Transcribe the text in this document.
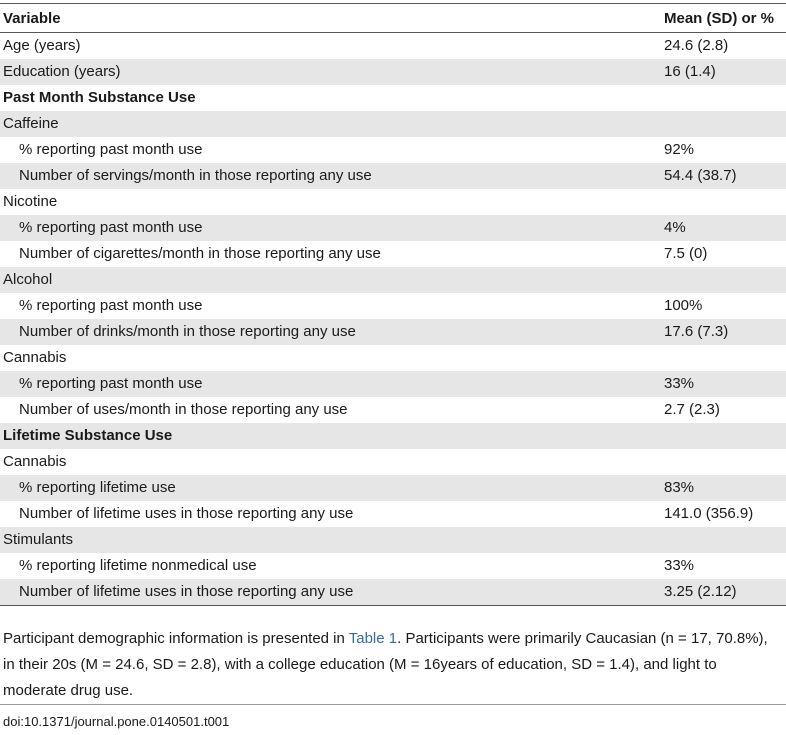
Variable	Mean (SD) or %
Age (years)	24.6 (2.8)
Education (years)	16 (1.4)
Past Month Substance Use	
Caffeine	
% reporting past month use	92%
Number of servings/month in those reporting any use	54.4 (38.7)
Nicotine	
% reporting past month use	4%
Number of cigarettes/month in those reporting any use	7.5 (0)
Alcohol	
% reporting past month use	100%
Number of drinks/month in those reporting any use	17.6 (7.3)
Cannabis	
% reporting past month use	33%
Number of uses/month in those reporting any use	2.7 (2.3)
Lifetime Substance Use	
Cannabis	
% reporting lifetime use	83%
Number of lifetime uses in those reporting any use	141.0 (356.9)
Stimulants	
% reporting lifetime nonmedical use	33%
Number of lifetime uses in those reporting any use	3.25 (2.12)
Participant demographic information is presented in Table 1. Participants were primarily Caucasian (n = 17, 70.8%), in their 20s (M = 24.6, SD = 2.8), with a college education (M = 16years of education, SD = 1.4), and light to moderate drug use.
doi:10.1371/journal.pone.0140501.t001
